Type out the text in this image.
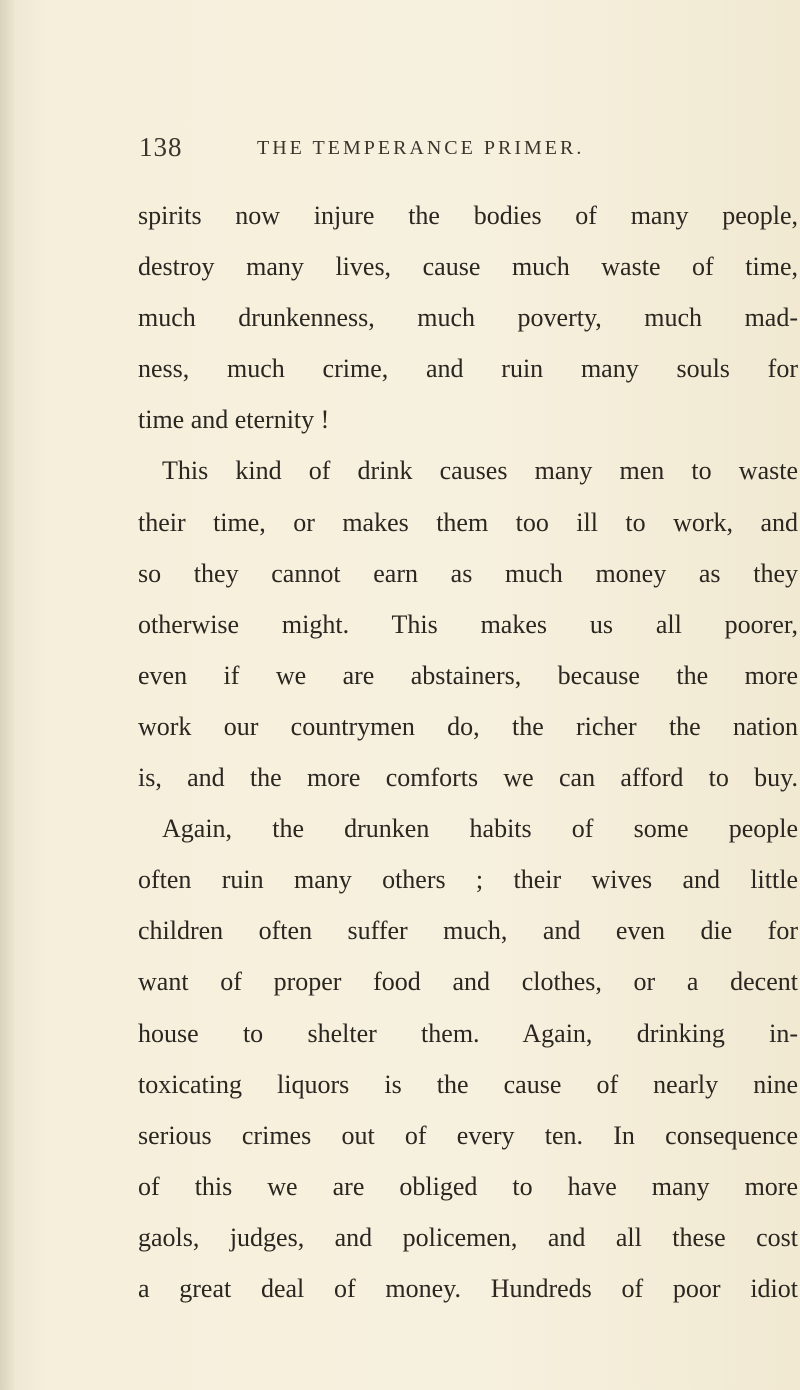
138	THE TEMPERANCE PRIMER.
spirits now injure the bodies of many people,
destroy many lives, cause much waste of time,
much drunkenness, much poverty, much mad-
ness, much crime, and ruin many souls for
time and eternity !
This kind of drink causes many men to waste
their time, or makes them too ill to work, and
so they cannot earn as much money as they
otherwise might. This makes us all poorer,
even if we are abstainers, because the more
work our countrymen do, the richer the nation
is, and the more comforts we can afford to buy.
Again, the drunken habits of some people
often ruin many others ; their wives and little
children often suffer much, and even die for
want of proper food and clothes, or a decent
house to shelter them. Again, drinking in-
toxicating liquors is the cause of nearly nine
serious crimes out of every ten. In consequence
of this we are obliged to have many more
gaols, judges, and policemen, and all these cost
a great deal of money. Hundreds of poor idiot
